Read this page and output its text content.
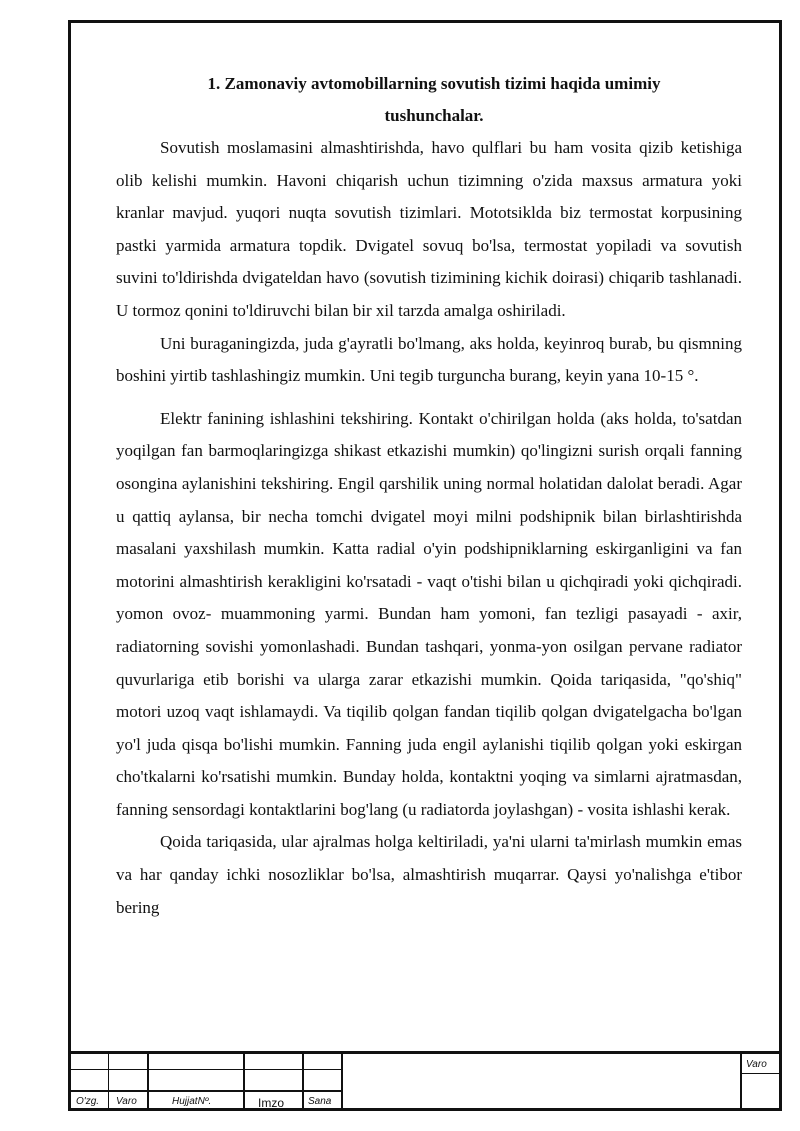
1. Zamonaviy avtomobillarning sovutish tizimi haqida umimiy
tushunchalar.

Sovutish moslamasini almashtirishda, havo qulflari bu ham vosita qizib ketishiga olib kelishi mumkin. Havoni chiqarish uchun tizimning o'zida maxsus armatura yoki kranlar mavjud. yuqori nuqta sovutish tizimlari. Mototsiklda biz termostat korpusining pastki yarmida armatura topdik. Dvigatel sovuq bo'lsa, termostat yopiladi va sovutish suvini to'ldirishda dvigateldan havo (sovutish tizimining kichik doirasi) chiqarib tashlanadi. U tormoz qonini to'ldiruvchi bilan bir xil tarzda amalga oshiriladi.

Uni buraganingizda, juda g'ayratli bo'lmang, aks holda, keyinroq burab, bu qismning boshini yirtib tashlashingiz mumkin. Uni tegib turguncha burang, keyin yana 10-15 °.

Elektr fanining ishlashini tekshiring. Kontakt o'chirilgan holda (aks holda, to'satdan yoqilgan fan barmoqlaringizga shikast etkazishi mumkin) qo'lingizni surish orqali fanning osongina aylanishini tekshiring. Engil qarshilik uning normal holatidan dalolat beradi. Agar u qattiq aylansa, bir necha tomchi dvigatel moyi milni podshipnik bilan birlashtirishda masalani yaxshilash mumkin. Katta radial o'yin podshipniklarning eskirganligini va fan motorini almashtirish kerakligini ko'rsatadi - vaqt o'tishi bilan u qichqiradi yoki qichqiradi. yomon ovoz- muammoning yarmi. Bundan ham yomoni, fan tezligi pasayadi - axir, radiatorning sovishi yomonlashadi. Bundan tashqari, yonma-yon osilgan pervane radiator quvurlariga etib borishi va ularga zarar etkazishi mumkin. Qoida tariqasida, "qo'shiq" motori uzoq vaqt ishlamaydi. Va tiqilib qolgan fandan tiqilib qolgan dvigatelgacha bo'lgan yo'l juda qisqa bo'lishi mumkin. Fanning juda engil aylanishi tiqilib qolgan yoki eskirgan cho'tkalarni ko'rsatishi mumkin. Bunday holda, kontaktni yoqing va simlarni ajratmasdan, fanning sensordagi kontaktlarini bog'lang (u radiatorda joylashgan) - vosita ishlashi kerak.

Qoida tariqasida, ular ajralmas holga keltiriladi, ya'ni ularni ta'mirlash mumkin emas va har qanday ichki nosozliklar bo'lsa, almashtirish muqarrar. Qaysi yo'nalishga e'tibor bering

O'zg. Varo	HujjatNº.	Imzo Sana
Varo
